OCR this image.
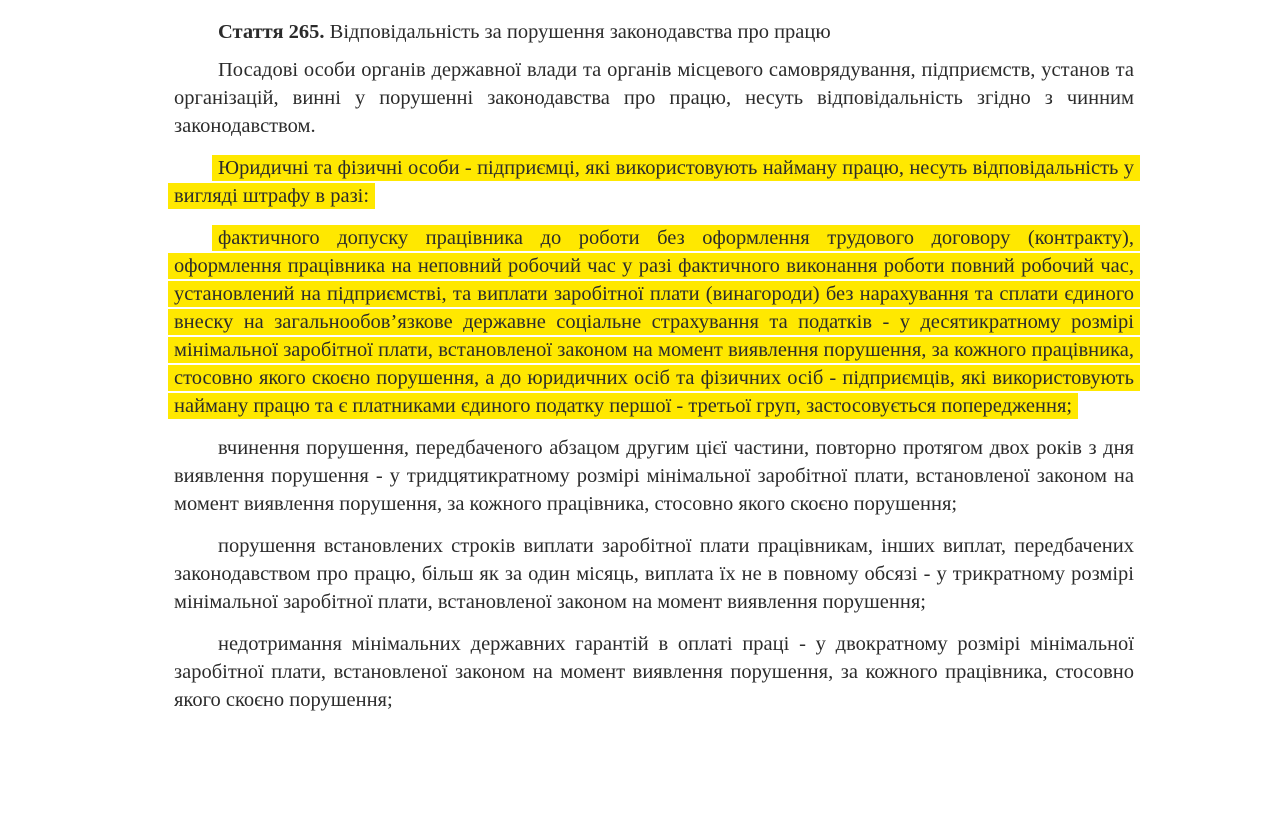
Стаття 265. Відповідальність за порушення законодавства про працю

Посадові особи органів державної влади та органів місцевого самоврядування, підприємств, установ та організацій, винні у порушенні законодавства про працю, несуть відповідальність згідно з чинним законодавством.

Юридичні та фізичні особи - підприємці, які використовують найману працю, несуть відповідальність у вигляді штрафу в разі:

фактичного допуску працівника до роботи без оформлення трудового договору (контракту), оформлення працівника на неповний робочий час у разі фактичного виконання роботи повний робочий час, установлений на підприємстві, та виплати заробітної плати (винагороди) без нарахування та сплати єдиного внеску на загальнообов’язкове державне соціальне страхування та податків - у десятикратному розмірі мінімальної заробітної плати, встановленої законом на момент виявлення порушення, за кожного працівника, стосовно якого скоєно порушення, а до юридичних осіб та фізичних осіб - підприємців, які використовують найману працю та є платниками єдиного податку першої - третьої груп, застосовується попередження;

вчинення порушення, передбаченого абзацом другим цієї частини, повторно протягом двох років з дня виявлення порушення - у тридцятикратному розмірі мінімальної заробітної плати, встановленої законом на момент виявлення порушення, за кожного працівника, стосовно якого скоєно порушення;

порушення встановлених строків виплати заробітної плати працівникам, інших виплат, передбачених законодавством про працю, більш як за один місяць, виплата їх не в повному обсязі - у трикратному розмірі мінімальної заробітної плати, встановленої законом на момент виявлення порушення;

недотримання мінімальних державних гарантій в оплаті праці - у двократному розмірі мінімальної заробітної плати, встановленої законом на момент виявлення порушення, за кожного працівника, стосовно якого скоєно порушення;
